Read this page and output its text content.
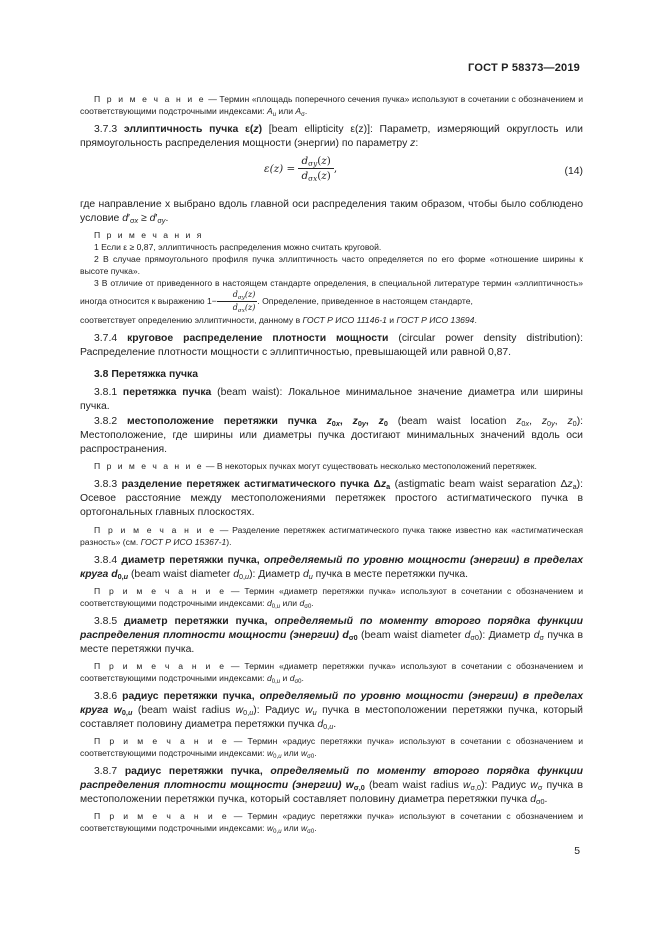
ГОСТ Р 58373—2019

П р и м е ч а н и е — Термин «площадь поперечного сечения пучка» используют в сочетании с обозначением и соответствующими подстрочными индексами: $A_u$ или $A_\sigma$.

3.7.3 эллиптичность пучка ε(z) [beam ellipticity ε(z)]: Параметр, измеряющий округлость или прямоугольность распределения мощности (энергии) по параметру z:

$\varepsilon(z) = \frac{d_{\sigma y}(z)}{d_{\sigma x}(z)}$ ,	(14)

где направление x выбрано вдоль главной оси распределения таким образом, чтобы было соблюдено условие $d'_{\sigma x} \ge d'_{\sigma y}$.

П р и м е ч а н и я

1 Если ε ≥ 0,87, эллиптичность распределения можно считать круговой.

2 В случае прямоугольного профиля пучка эллиптичность часто определяется по его форме «отношение ширины к высоте пучка».

3 В отличие от приведенного в настоящем стандарте определения, в специальной литературе термин «эллиптичность» иногда относится к выражению $1- \frac{d_{\sigma y}(z)}{d_{\sigma x}(z)}$ . Определение, приведенное в настоящем стандарте,

соответствует определению эллиптичности, данному в ГОСТ Р ИСО 11146-1 и ГОСТ Р ИСО 13694.

3.7.4 круговое распределение плотности мощности (circular power density distribution): Распределение плотности мощности с эллиптичностью, превышающей или равной 0,87.

3.8 Перетяжка пучка

3.8.1 перетяжка пучка (beam waist): Локальное минимальное значение диаметра или ширины пучка.

3.8.2 местоположение перетяжки пучка $z_{0x}$, $z_{0y}$, $z_0$ (beam waist location $z_{0x}$, $z_{0y}$, $z_0$): Местоположение, где ширины или диаметры пучка достигают минимальных значений вдоль оси распространения.

П р и м е ч а н и е — В некоторых пучках могут существовать несколько местоположений перетяжек.

3.8.3 разделение перетяжек астигматического пучка $\Delta z_a$ (astigmatic beam waist separation $\Delta z_a$): Осевое расстояние между местоположениями перетяжек простого астигматического пучка в ортогональных главных плоскостях.

П р и м е ч а н и е — Разделение перетяжек астигматического пучка также известно как «астигматическая разность» (см. ГОСТ Р ИСО 15367-1).

3.8.4 диаметр перетяжки пучка, определяемый по уровню мощности (энергии) в пределах круга $d_{0,u}$ (beam waist diameter $d_{0,u}$): Диаметр $d_u$ пучка в месте перетяжки пучка.

П р и м е ч а н и е — Термин «диаметр перетяжки пучка» используют в сочетании с обозначением и соответствующими подстрочными индексами: $d_{0,u}$ или $d_{\sigma 0}$.

3.8.5 диаметр перетяжки пучка, определяемый по моменту второго порядка функции распределения плотности мощности (энергии) $d_{\sigma 0}$ (beam waist diameter $d_{\sigma 0}$): Диаметр $d_\sigma$ пучка в месте перетяжки пучка.

П р и м е ч а н и е — Термин «диаметр перетяжки пучка» используют в сочетании с обозначением и соответствующими подстрочными индексами: $d_{0,u}$ и $d_{\sigma 0}$.

3.8.6 радиус перетяжки пучка, определяемый по уровню мощности (энергии) в пределах круга $w_{0,u}$ (beam waist radius $w_{0,u}$): Радиус $w_u$ пучка в местоположении перетяжки пучка, который составляет половину диаметра перетяжки пучка $d_{0,u}$.

П р и м е ч а н и е — Термин «радиус перетяжки пучка» используют в сочетании с обозначением и соответствующими подстрочными индексами: $w_{0,u}$ или $w_{\sigma 0}$.

3.8.7 радиус перетяжки пучка, определяемый по моменту второго порядка функции распределения плотности мощности (энергии) $w_{\sigma,0}$ (beam waist radius $w_{\sigma,0}$): Радиус $w_\sigma$ пучка в местоположении перетяжки пучка, который составляет половину диаметра перетяжки пучка $d_{\sigma 0}$.

П р и м е ч а н и е — Термин «радиус перетяжки пучка» используют в сочетании с обозначением и соответствующими подстрочными индексами: $w_{0,u}$ или $w_{\sigma 0}$.

5
